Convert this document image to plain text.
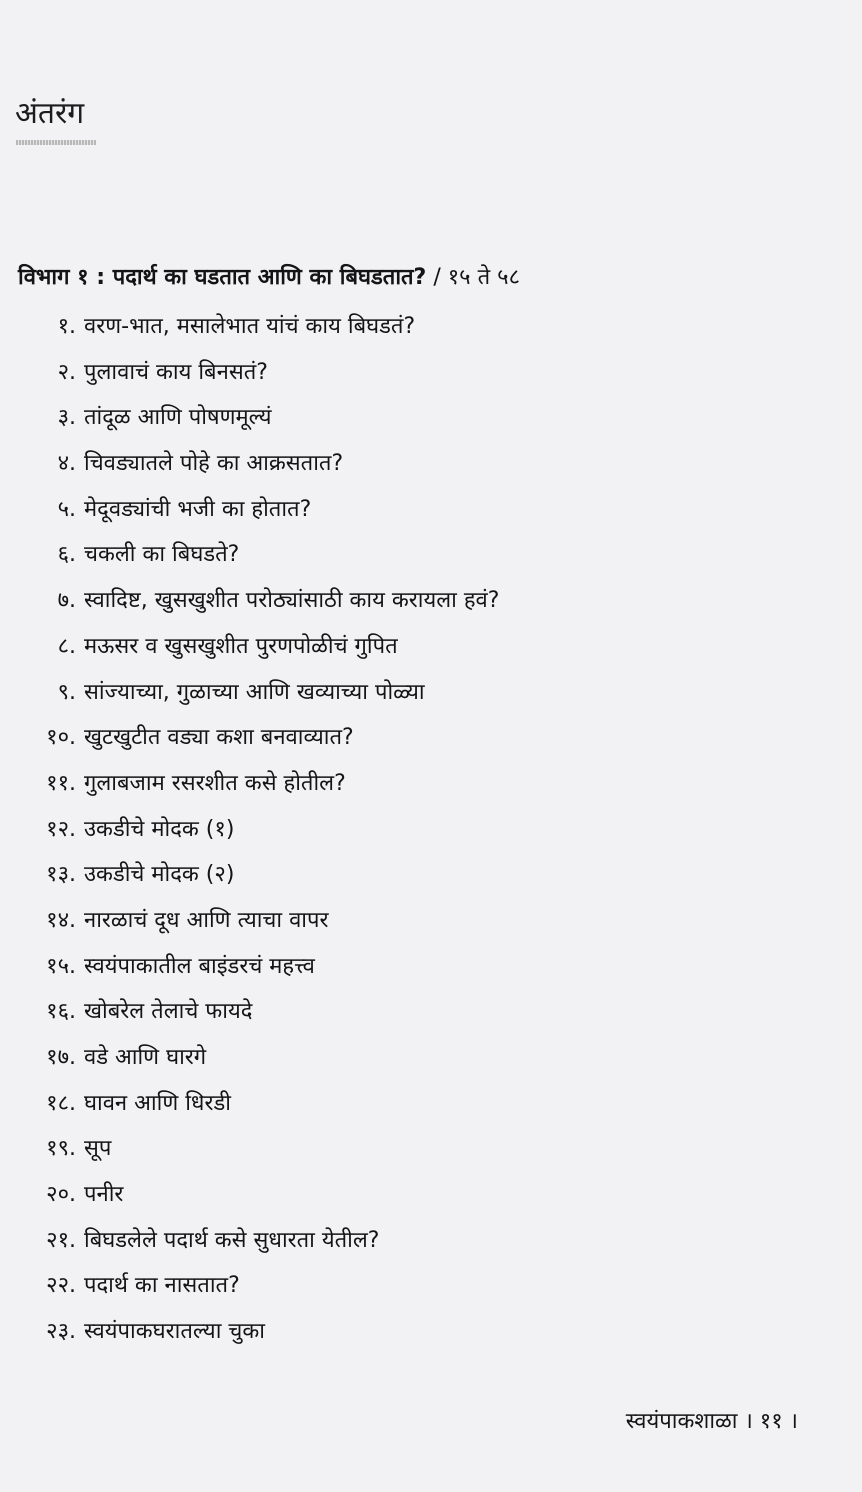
अंतरंग
विभाग १ : पदार्थ का घडतात आणि का बिघडतात? / १५ ते ५८
१. वरण-भात, मसालेभात यांचं काय बिघडतं?
२. पुलावाचं काय बिनसतं?
३. तांदूळ आणि पोषणमूल्यं
४. चिवड्यातले पोहे का आक्रसतात?
५. मेदूवड्यांची भजी का होतात?
६. चकली का बिघडते?
७. स्वादिष्ट, खुसखुशीत परोठ्यांसाठी काय करायला हवं?
८. मऊसर व खुसखुशीत पुरणपोळीचं गुपित
९. सांज्याच्या, गुळाच्या आणि खव्याच्या पोळ्या
१०. खुटखुटीत वड्या कशा बनवाव्यात?
११. गुलाबजाम रसरशीत कसे होतील?
१२. उकडीचे मोदक (१)
१३. उकडीचे मोदक (२)
१४. नारळाचं दूध आणि त्याचा वापर
१५. स्वयंपाकातील बाइंडरचं महत्त्व
१६. खोबरेल तेलाचे फायदे
१७. वडे आणि घारगे
१८. घावन आणि धिरडी
१९. सूप
२०. पनीर
२१. बिघडलेले पदार्थ कसे सुधारता येतील?
२२. पदार्थ का नासतात?
२३. स्वयंपाकघरातल्या चुका
स्वयंपाकशाळा । ११ ।
